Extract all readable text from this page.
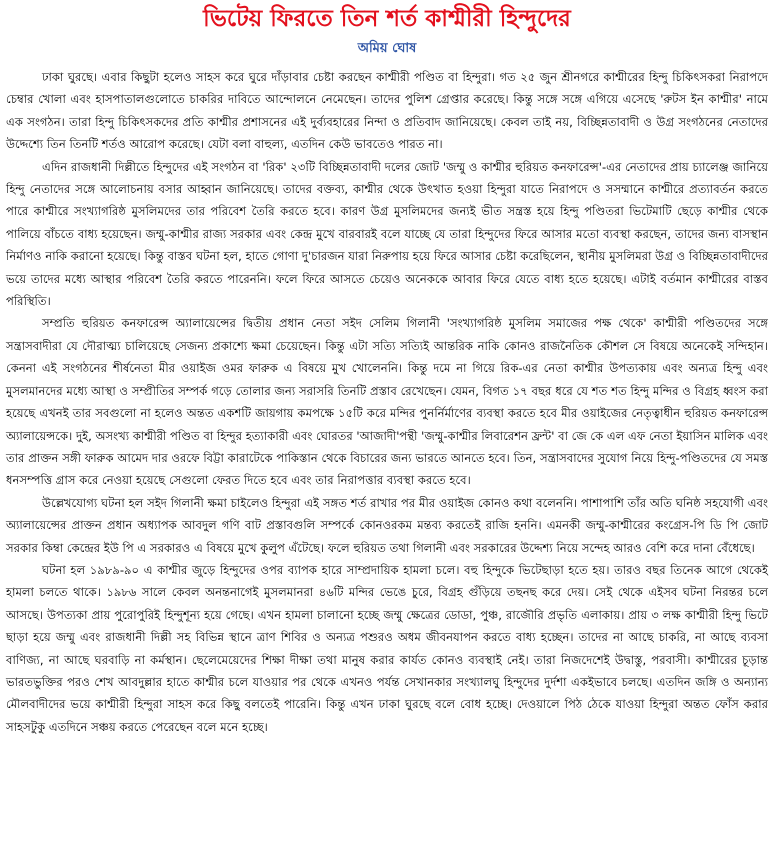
ভিটেয় ফিরতে তিন শর্ত কাশ্মীরী হিন্দুদের
অমিয় ঘোষ

ঢাকা ঘুরছে। এবার কিছুটা হলেও সাহস করে ঘুরে দাঁড়াবার চেষ্টা করছেন কাশ্মীরী পণ্ডিত বা হিন্দুরা। গত ২৫ জুন শ্রীনগরে কাশ্মীরের হিন্দু চিকিৎসকরা নিরাপদে চেম্বার খোলা এবং হাসপাতালগুলোতে চাকরির দাবিতে আন্দোলনে নেমেছেন। তাদের পুলিশ গ্রেপ্তার করেছে। কিন্তু সঙ্গে সঙ্গে এগিয়ে এসেছে 'রুটস ইন কাশ্মীর' নামে এক সংগঠন। তারা হিন্দু চিকিৎসকদের প্রতি কাশ্মীর প্রশাসনের এই দুর্ব্যবহারের নিন্দা ও প্রতিবাদ জানিয়েছে। কেবল তাই নয়, বিচ্ছিন্নতাবাদী ও উগ্র সংগঠনের নেতাদের উদ্দেশ্যে তিন তিনটি শর্তও আরোপ করেছে। যেটা বলা বাহুল্য, এতদিন কেউ ভাবতেও পারত না।

এদিন রাজধানী দিল্লীতে হিন্দুদের এই সংগঠন বা 'রিক' ২৩টি বিচ্ছিন্নতাবাদী দলের জোট 'জম্মু ও কাশ্মীর হুরিয়ত কনফারেন্স'-এর নেতাদের প্রায় চ্যালেঞ্জ জানিয়ে হিন্দু নেতাদের সঙ্গে আলোচনায় বসার আহ্বান জানিয়েছে। তাদের বক্তব্য, কাশ্মীর থেকে উৎখাত হওয়া হিন্দুরা যাতে নিরাপদে ও সসম্মানে কাশ্মীরে প্রত্যাবর্তন করতে পারে কাশ্মীরে সংখ্যাগরিষ্ঠ মুসলিমদের তার পরিবেশ তৈরি করতে হবে। কারণ উগ্র মুসলিমদের জন্যই ভীত সন্ত্রস্ত হয়ে হিন্দু পণ্ডিতরা ভিটেমাটি ছেড়ে কাশ্মীর থেকে পালিয়ে বাঁচতে বাধ্য হয়েছেন। জম্মু-কাশ্মীর রাজ্য সরকার এবং কেন্দ্র মুখে বারবারই বলে যাচ্ছে যে তারা হিন্দুদের ফিরে আসার মতো ব্যবস্থা করছেন, তাদের জন্য বাসস্থান নির্মাণও নাকি করানো হয়েছে। কিন্তু বাস্তব ঘটনা হল, হাতে গোণা দু'চারজন যারা নিরুপায় হয়ে ফিরে আসার চেষ্টা করেছিলেন, স্থানীয় মুসলিমরা উগ্র ও বিচ্ছিন্নতাবাদীদের ভয়ে তাদের মধ্যে আস্থার পরিবেশ তৈরি করতে পারেননি। ফলে ফিরে আসতে চেয়েও অনেককে আবার ফিরে যেতে বাধ্য হতে হয়েছে। এটাই বর্তমান কাশ্মীরের বাস্তব পরিস্থিতি।

সম্প্রতি হুরিয়ত কনফারেন্স অ্যালায়েন্সের দ্বিতীয় প্রধান নেতা সইদ সেলিম গিলানী 'সংখ্যাগরিষ্ঠ মুসলিম সমাজের পক্ষ থেকে' কাশ্মীরী পণ্ডিতদের সঙ্গে সন্ত্রাসবাদীরা যে দৌরাত্ম্য চালিয়েছে সেজন্য প্রকাশ্যে ক্ষমা চেয়েছেন। কিন্তু এটা সত্যি সত্যিই আন্তরিক নাকি কোনও রাজনৈতিক কৌশল সে বিষয়ে অনেকেই সন্দিহান। কেননা এই সংগঠনের শীর্ষনেতা মীর ওয়াইজ ওমর ফারুক এ বিষয়ে মুখ খোলেননি। কিন্তু দমে না গিয়ে রিক-এর নেতা কাশ্মীর উপত্যকায় এবং অন্যত্র হিন্দু এবং মুসলমানদের মধ্যে আস্থা ও সম্প্রীতির সম্পর্ক গড়ে তোলার জন্য সরাসরি তিনটি প্রস্তাব রেখেছেন। যেমন, বিগত ১৭ বছর ধরে যে শত শত হিন্দু মন্দির ও বিগ্রহ ধ্বংস করা হয়েছে এখনই তার সবগুলো না হলেও অন্তত একশটি জায়গায় কমপক্ষে ১৫টি করে মন্দির পুনর্নির্মাণের ব্যবস্থা করতে হবে মীর ওয়াইজের নেতৃত্বাধীন হুরিয়ত কনফারেন্স অ্যালায়েন্সকে। দুই, অসংখ্য কাশ্মীরী পণ্ডিত বা হিন্দুর হত্যাকারী এবং ঘোরতর 'আজাদী'পন্থী 'জম্মু-কাশ্মীর লিবারেশন ফ্রন্ট' বা জে কে এল এফ নেতা ইয়াসিন মালিক এবং তার প্রাক্তন সঙ্গী ফারুক আমেদ দার ওরফে বিট্টা কারাটেকে পাকিস্তান থেকে বিচারের জন্য ভারতে আনতে হবে। তিন, সন্ত্রাসবাদের সুযোগ নিয়ে হিন্দু-পণ্ডিতদের যে সমস্ত ধনসম্পত্তি গ্রাস করে নেওয়া হয়েছে সেগুলো ফেরত দিতে হবে এবং তার নিরাপত্তার ব্যবস্থা করতে হবে।

উল্লেখযোগ্য ঘটনা হল সইদ গিলানী ক্ষমা চাইলেও হিন্দুরা এই সঙ্গত শর্ত রাখার পর মীর ওয়াইজ কোনও কথা বলেননি। পাশাপাশি তাঁর অতি ঘনিষ্ঠ সহযোগী এবং অ্যালায়েন্সের প্রাক্তন প্রধান অধ্যাপক আবদুল গণি বাট প্রস্তাবগুলি সম্পর্কে কোনওরকম মন্তব্য করতেই রাজি হননি। এমনকী জম্মু-কাশ্মীরের কংগ্রেস-পি ডি পি জোট সরকার কিম্বা কেন্দ্রের ইউ পি এ সরকারও এ বিষয়ে মুখে কুলুপ এঁটেছে। ফলে হুরিয়ত তথা গিলানী এবং সরকারের উদ্দেশ্য নিয়ে সন্দেহ আরও বেশি করে দানা বেঁধেছে।

ঘটনা হল ১৯৮৯-৯০ এ কাশ্মীর জুড়ে হিন্দুদের ওপর ব্যাপক হারে সাম্প্রদায়িক হামলা চলে। বহু হিন্দুকে ভিটেছাড়া হতে হয়। তারও বছর তিনেক আগে থেকেই হামলা চলতে থাকে। ১৯৮৬ সালে কেবল অনন্তনাগেই মুসলমানরা ৪৬টি মন্দির ভেঙে চুরে, বিগ্রহ গুঁড়িয়ে তছনছ করে দেয়। সেই থেকে এইসব ঘটনা নিরন্তর চলে আসছে। উপত্যকা প্রায় পুরোপুরিই হিন্দুশূন্য হয়ে গেছে। এখন হামলা চালানো হচ্ছে জম্মু ক্ষেত্রের ডোডা, পুঞ্চ, রাজৌরি প্রভৃতি এলাকায়। প্রায় ৩ লক্ষ কাশ্মীরী হিন্দু ভিটে ছাড়া হয়ে জম্মু এবং রাজধানী দিল্লী সহ বিভিন্ন স্থানে ত্রাণ শিবির ও অন্যত্র পশুরও অধম জীবনযাপন করতে বাধ্য হচ্ছেন। তাদের না আছে চাকরি, না আছে ব্যবসা বাণিজ্য, না আছে ঘরবাড়ি না কর্মস্থান। ছেলেমেয়েদের শিক্ষা দীক্ষা তথা মানুষ করার কার্যত কোনও ব্যবস্থাই নেই। তারা নিজদেশেই উদ্বাস্তু, পরবাসী। কাশ্মীরের চূড়ান্ত ভারতভুক্তির পরও শেখ আবদুল্লার হাতে কাশ্মীর চলে যাওয়ার পর থেকে এখনও পর্যন্ত সেখানকার সংখ্যালঘু হিন্দুদের দুর্দশা একইভাবে চলছে। এতদিন জঙ্গি ও অন্যান্য মৌলবাদীদের ভয়ে কাশ্মীরী হিন্দুরা সাহস করে কিছু বলতেই পারেনি। কিন্তু এখন ঢাকা ঘুরছে বলে বোধ হচ্ছে। দেওয়ালে পিঠ ঠেকে যাওয়া হিন্দুরা অন্তত ফোঁস করার সাহসটুকু এতদিনে সঞ্চয় করতে পেরেছেন বলে মনে হচ্ছে।
